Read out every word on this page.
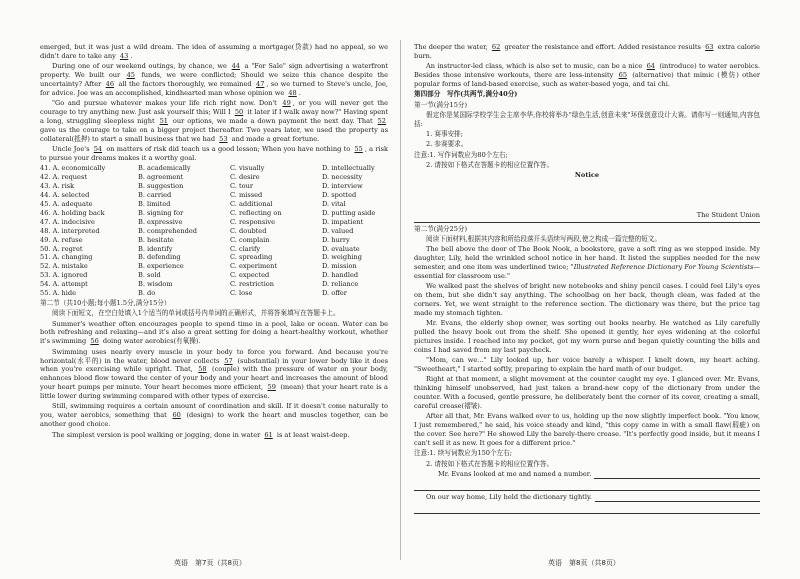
emerged, but it was just a wild dream. The idea of assuming a mortgage(贷款) had no appeal, so we didn't dare to take any 43 .

During one of our weekend outings, by chance, we 44 a "For Sale" sign advertising a waterfront property. We built our 45 funds, we were conflicted; Should we seize this chance despite the uncertainty? After 46 all the factors thoroughly, we remained 47 , so we turned to Steve's uncle, Joe, for advice. Joe was an accomplished, kindhearted man whose opinion we 48 .

"Go and pursue whatever makes your life rich right now. Don't 49 , or you will never get the courage to try anything new. Just ask yourself this; Will I 50 it later if I walk away now?" Having spent a long, struggling sleepless night 51 our options, we made a down payment the next day. That 52 gave us the courage to take on a bigger project thereafter. Two years later, we used the property as collateral(抵押) to start a small business that we had 53 and made a great fortune.

Uncle Joe's 54 on matters of risk did teach us a good lesson; When you have nothing to 55 , a risk to pursue your dreams makes it a worthy goal.

41. A. economically	B. academically	C. visually	D. intellectually
42. A. request	B. agreement	C. desire	D. necessity
43. A. risk	B. suggestion	C. tour	D. interview
44. A. selected	B. carried	C. missed	D. spotted
45. A. adequate	B. limited	C. additional	D. vital
46. A. holding back	B. signing for	C. reflecting on	D. putting aside
47. A. indecisive	B. expressive	C. responsive	D. impatient
48. A. interpreted	B. comprehended	C. doubted	D. valued
49. A. refuse	B. hesitate	C. complain	D. hurry
50. A. regret	B. identify	C. clarify	D. evaluate
51. A. changing	B. defending	C. spreading	D. weighing
52. A. mistake	B. experience	C. experiment	D. mission
53. A. ignored	B. sold	C. expected	D. handled
54. A. attempt	B. wisdom	C. restriction	D. reliance
55. A. hide	B. do	C. lose	D. offer

第二节（共10小题;每小题1.5分,满分15分）

阅读下面短文，在空白处填入1个适当的单词或括号内单词的正确形式，并将答案填写在答题卡上。

Summer's weather often encourages people to spend time in a pool, lake or ocean. Water can be both refreshing and relaxing—and it's also a great setting for doing a heart-healthy workout, whether it's swimming 56 doing water aerobics(有氧操).

Swimming uses nearly every muscle in your body to force you forward. And because you're horizontal(水平的) in the water, blood never collects 57 (substantial) in your lower body like it does when you're exercising while upright. That, 58 (couple) with the pressure of water on your body, enhances blood flow toward the center of your body and your heart and increases the amount of blood your heart pumps per minute. Your heart becomes more efficient, 59 (mean) that your heart rate is a little lower during swimming compared with other types of exercise.

Still, swimming requires a certain amount of coordination and skill. If it doesn't come naturally to you, water aerobics, something that 60 (design) to work the heart and muscles together, can be another good choice.

The simplest version is pool walking or jogging, done in water 61 is at least waist-deep.

The deeper the water, 62 greater the resistance and effort. Added resistance results 63 extra calorie burn.

An instructor-led class, which is also set to music, can be a nice 64 (introduce) to water aerobics. Besides those intensive workouts, there are less-intensity 65 (alternative) that mimic (模仿) other popular forms of land-based exercise, such as water-based yoga, and tai chi.

第四部分　写作(共两节,满分40分)

第一节(满分15分)

假定你是某国际学校学生会主席李华,你校将举办"绿色生活,创意未来"环保创意设计大赛。请你写一则通知,内容包括:

1. 赛事安排;

2. 参赛要求。

注意:1. 写作词数应为80个左右;

2. 请按如下格式在答题卡的相应位置作答。

Notice

The Student Union

第二节(满分25分)

阅读下面材料,根据其内容和所给段落开头语续写两段,使之构成一篇完整的短文。

The bell above the door of The Book Nook, a bookstore, gave a soft ring as we stepped inside. My daughter, Lily, held the wrinkled school notice in her hand. It listed the supplies needed for the new semester, and one item was underlined twice; "Illustrated Reference Dictionary For Young Scientists—essential for classroom use."

We walked past the shelves of bright new notebooks and shiny pencil cases. I could feel Lily's eyes on them, but she didn't say anything. The schoolbag on her back, though clean, was faded at the corners. Yet, we went straight to the reference section. The dictionary was there, but the price tag made my stomach tighten.

Mr. Evans, the elderly shop owner, was sorting out books nearby. He watched as Lily carefully pulled the heavy book out from the shelf. She opened it gently, her eyes widening at the colorful pictures inside. I reached into my pocket, got my worn purse and began quietly counting the bills and coins I had saved from my last paycheck.

"Mom, can we..." Lily looked up, her voice barely a whisper. I knelt down, my heart aching. "Sweetheart," I started softly, preparing to explain the hard math of our budget.

Right at that moment, a slight movement at the counter caught my eye. I glanced over. Mr. Evans, thinking himself unobserved, had just taken a brand-new copy of the dictionary from under the counter. With a focused, gentle pressure, he deliberately bent the corner of its cover, creating a small, careful crease(褶皱).

After all that, Mr. Evans walked over to us, holding up the now slightly imperfect book. "You know, I just remembered," he said, his voice steady and kind, "this copy came in with a small flaw(瑕疵) on the cover. See here?" He showed Lily the barely-there crease. "It's perfectly good inside, but it means I can't sell it as new. It goes for a different price."

注意:1. 续写词数应为150个左右;

2. 请按如下格式在答题卡的相应位置作答。

Mr. Evans looked at me and named a number.
On our way home, Lily held the dictionary tightly.
英语　第7页（共8页）	英语　第8页（共8页）
